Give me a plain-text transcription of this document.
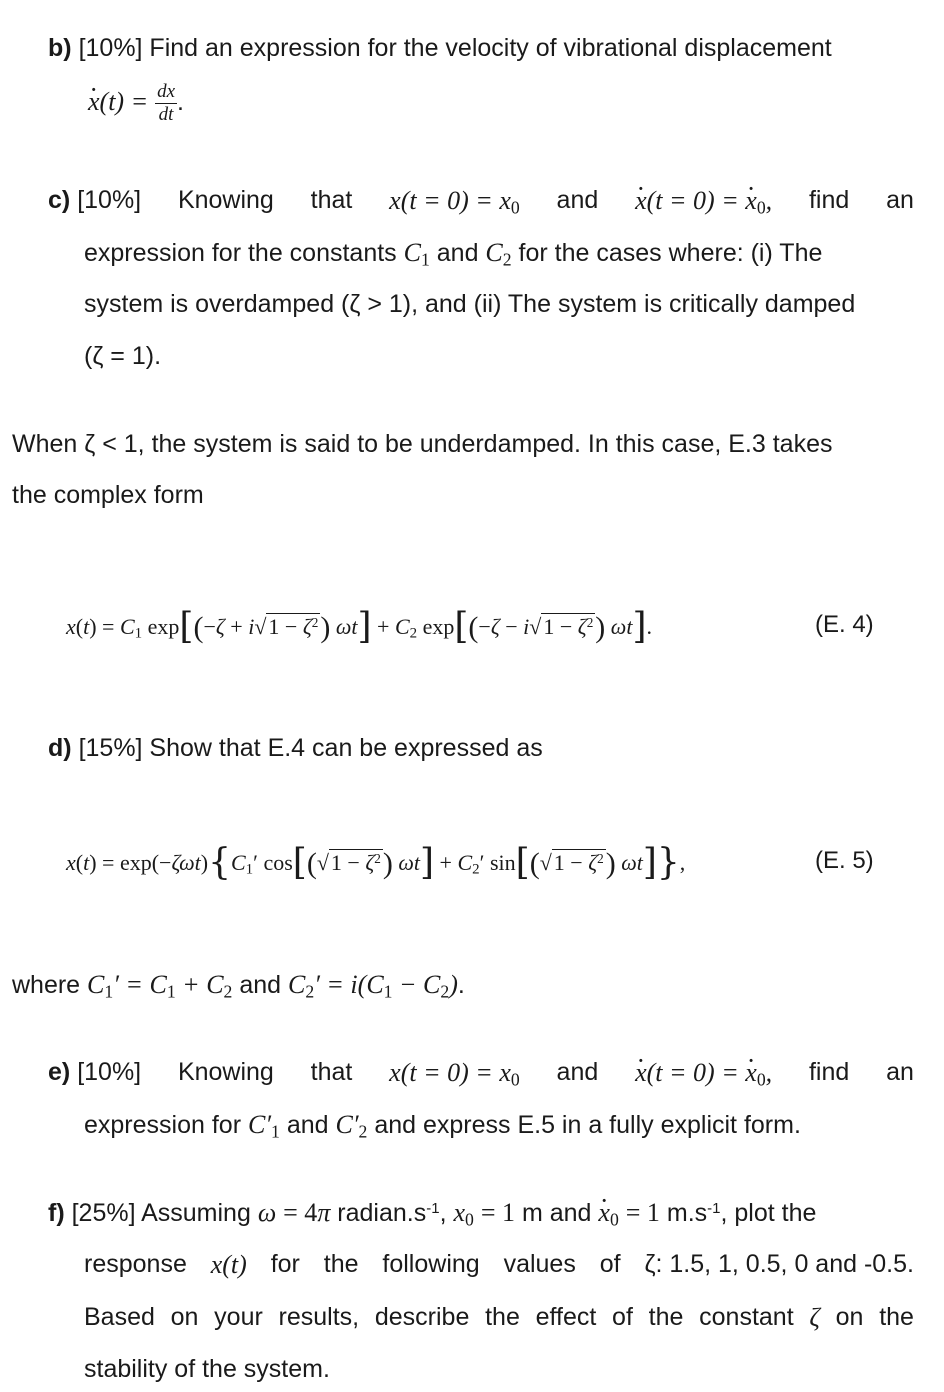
b) [10%] Find an expression for the velocity of vibrational displacement
$x \cdot(t) = \frac{dx}{dt}$ .
c) [10%] Knowing that $x(t = 0) = x_0$ and $x \cdot(t = 0) = x \cdot_0$, find an
expression for the constants $C_1$ and $C_2$ for the cases where: (i) The
system is overdamped (ζ > 1), and (ii) The system is critically damped
(ζ = 1).
When ζ < 1, the system is said to be underdamped. In this case, E.3 takes
the complex form
$x(t) = C_1$ $\exp[(-\zeta + i√1 - \zeta^2)$ $\omega t] + C_2$ $\exp[(-\zeta - i√1 - \zeta^2)$ ωt].	(E. 4)
d) [15%] Show that E.4 can be expressed as
$x(t) = \exp(-\zeta\omega t)\{C_1'$ $\cos[(√1 - \zeta^2)$ $\omega t] + C_2'$ $\sin[(√1 - \zeta^2)$ ωt]},	(E. 5)
where $C_1' = C_1 + C_2$ and $C_2' = i(C_1 - C_2)$.
e) [10%] Knowing that $x(t = 0) = x_0$ and $x \cdot(t = 0) = x \cdot_0$, find an
expression for $C'_1$ and $C'_2$ and express E.5 in a fully explicit form.
f) [25%] Assuming ω = 4π $radian.s^{-1}$, $x_0 = 1$ m and $x \cdot_0 = 1$ $m.s^{-1}$, plot the
response x(t) for the following values of ζ: 1.5, 1, 0.5, 0 and -0.5.
Based on your results, describe the effect of the constant ζ on the
stability of the system.
